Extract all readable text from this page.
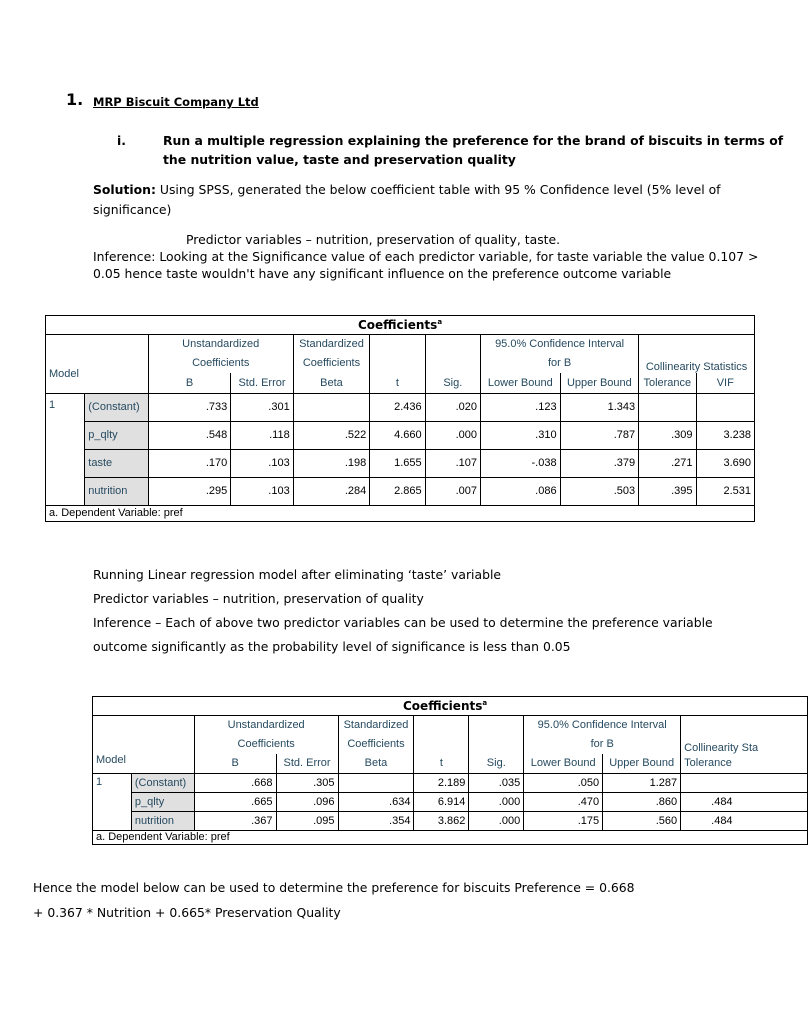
1. MRP Biscuit Company Ltd
i.	Run a multiple regression explaining the preference for the brand of biscuits in terms of
the nutrition value, taste and preservation quality
Solution: Using SPSS, generated the below coefficient table with 95 % Confidence level (5% level of
significance)
Predictor variables – nutrition, preservation of quality, taste.
Inference: Looking at the Significance value of each predictor variable, for taste variable the value 0.107 >
0.05 hence taste wouldn't have any significant influence on the preference outcome variable
Coefficients$^a$
		Unstandardized
Coefficients		Standardized
Coefficients			95.0% Confidence Interval
for B		Collinearity Statistics	
		B	Std. Error	Beta	t	Sig.	Lower Bound	Upper Bound	Tolerance	VIF

Model
1	(Constant)	.733	.301		2.436	.020	.123	1.343		
	p_qlty	.548	.118	.522	4.660	.000	.310	.787	.309	3.238
	taste	.170	.103	.198	1.655	.107	-.038	.379	.271	3.690
	nutrition	.295	.103	.284	2.865	.007	.086	.503	.395	2.531
a. Dependent Variable: pref										
Running Linear regression model after eliminating ‘taste’ variable
Predictor variables – nutrition, preservation of quality
Inference – Each of above two predictor variables can be used to determine the preference variable
outcome significantly as the probability level of significance is less than 0.05
Coefficients$^a$
		Unstandardized
Coefficients		Standardized
Coefficients			95.0% Confidence Interval
for B		Collinearity Sta
		B	Std. Error	Beta	t	Sig.	Lower Bound	Upper Bound	Tolerance

Model
1	(Constant)	.668	.305		2.189	.035	.050	1.287	
	p_qlty	.665	.096	.634	6.914	.000	.470	.860	.484
	nutrition	.367	.095	.354	3.862	.000	.175	.560	.484
a. Dependent Variable: pref									
Hence the model below can be used to determine the preference for biscuits Preference = 0.668
+ 0.367 * Nutrition + 0.665* Preservation Quality
